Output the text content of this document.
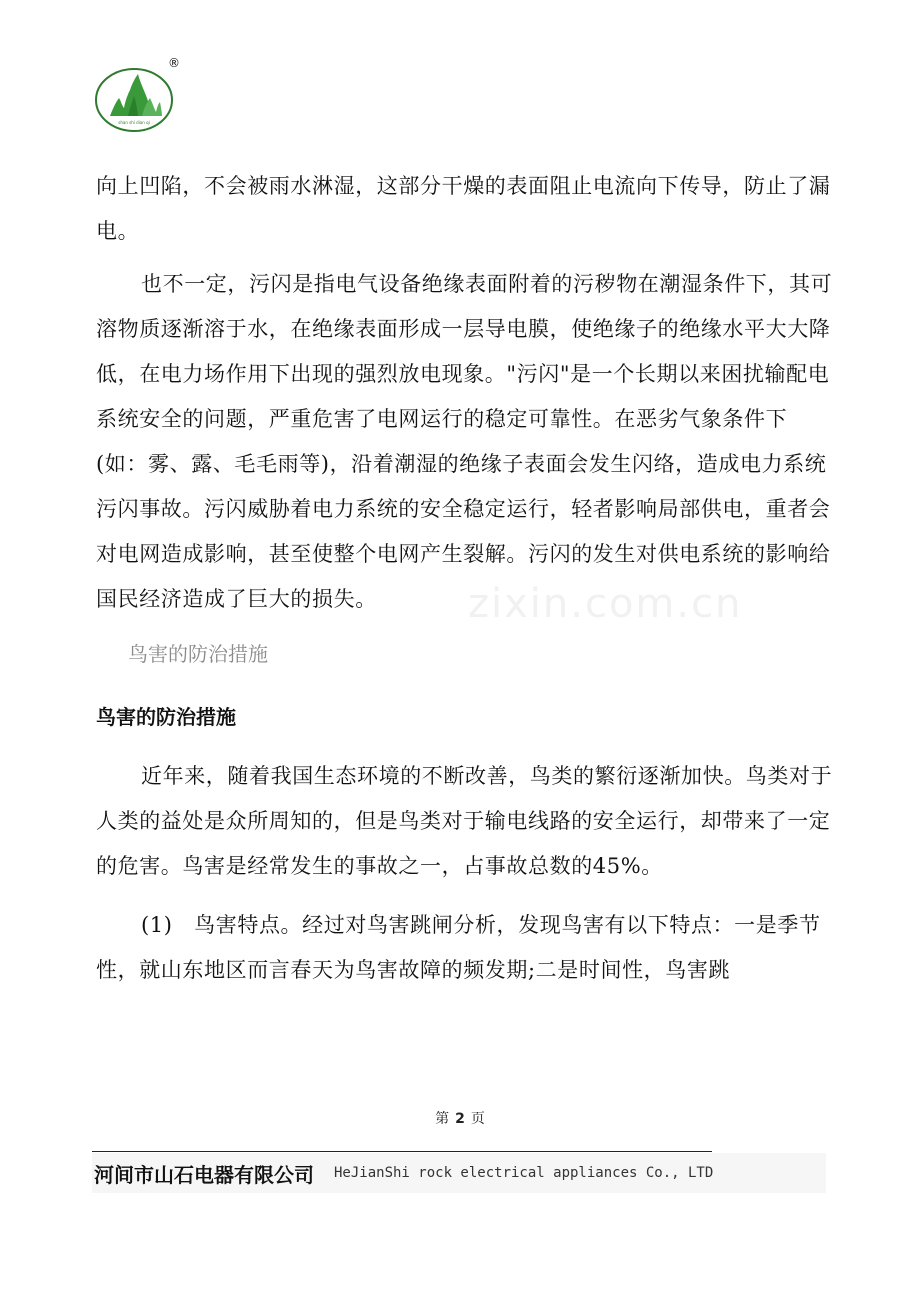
shan shi dian qi
®
zixin.com.cn

向上凹陷，不会被雨水淋湿，这部分干燥的表面阻止电流向下传导，防止了漏电。

也不一定，污闪是指电气设备绝缘表面附着的污秽物在潮湿条件下，其可溶物质逐渐溶于水，在绝缘表面形成一层导电膜，使绝缘子的绝缘水平大大降低，在电力场作用下出现的强烈放电现象。"污闪"是一个长期以来困扰输配电系统安全的问题，严重危害了电网运行的稳定可靠性。在恶劣气象条件下(如：雾、露、毛毛雨等)，沿着潮湿的绝缘子表面会发生闪络，造成电力系统污闪事故。污闪威胁着电力系统的安全稳定运行，轻者影响局部供电，重者会对电网造成影响，甚至使整个电网产生裂解。污闪的发生对供电系统的影响给国民经济造成了巨大的损失。

鸟害的防治措施

鸟害的防治措施

近年来，随着我国生态环境的不断改善，鸟类的繁衍逐渐加快。鸟类对于人类的益处是众所周知的，但是鸟类对于输电线路的安全运行，却带来了一定的危害。鸟害是经常发生的事故之一，占事故总数的45%。

(1)　鸟害特点。经过对鸟害跳闸分析，发现鸟害有以下特点：一是季节性，就山东地区而言春天为鸟害故障的频发期;二是时间性，鸟害跳

第 2 页
河间市山石电器有限公司 HeJianShi rock electrical appliances Co., LTD
